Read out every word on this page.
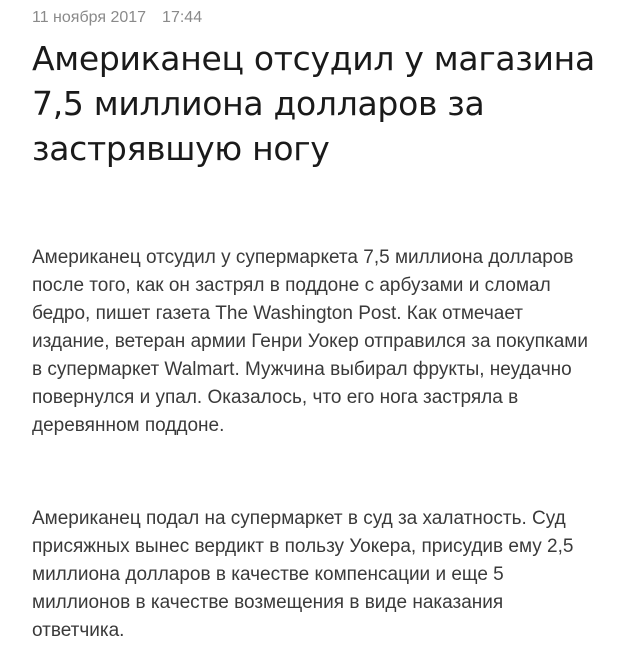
11 ноября 2017 17:44
Американец отсудил у магазина 7,5 миллиона долларов за застрявшую ногу

Американец отсудил у супермаркета 7,5 миллиона долларов после того, как он застрял в поддоне с арбузами и сломал бедро, пишет газета The Washington Post. Как отмечает издание, ветеран армии Генри Уокер отправился за покупками в супермаркет Walmart. Мужчина выбирал фрукты, неудачно повернулся и упал. Оказалось, что его нога застряла в деревянном поддоне.

Американец подал на супермаркет в суд за халатность. Суд присяжных вынес вердикт в пользу Уокера, присудив ему 2,5 миллиона долларов в качестве компенсации и еще 5 миллионов в качестве возмещения в виде наказания ответчика.
